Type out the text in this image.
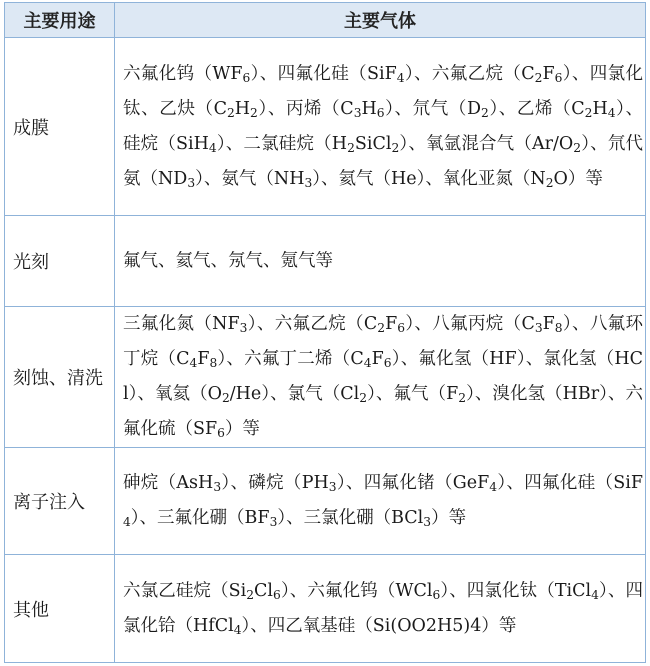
主要用途	主要气体
成膜	六氟化钨$(WF_6)$、四氟化硅（SiF$_4$）、六氟乙烷$(C_2F_6)$、四氯化钛、乙炔$(C_2H_2)$、丙烯$(C_3H_6)$、氘气$(D_2)$、乙烯$(C_2H_4)$、硅烷（SiH$_4$）、二氯硅烷$(H_2SiCl_2)$、氧氩混合气$(Ar/O_2)$、氘代氨$(ND_3)$、氨气$(NH_3)$、氦气（He）、氧化亚氮$(N_2O)$等
光刻	氟气、氦气、氖气、氪气等
刻蚀、清洗	三氟化氮$(NF_3)$、六氟乙烷$(C_2F_6)$、八氟丙烷$(C_3F_8)$、八氟环丁烷$(C_4F_8)$、六氟丁二烯$(C_4F_6)$、氟化氢（HF）、氯化氢（HCl）、氧氦$(O_2/He)$、氯气$(Cl_2)$、氟气$(F_2)$、溴化氢（HBr）、六氟化硫$(SF_6)$等
离子注入	砷烷（AsH$_3$）、磷烷$(PH_3)$、四氟化锗（GeF$_4$）、四氟化硅（SiF$_4$）、三氟化硼$(BF_3)$、三氯化硼（BCl$_3$）等
其他	六氯乙硅烷$(Si_2Cl_6)$、六氟化钨（WCl$_6$）、四氯化钛（TiCl$_4$）、四氯化铪（HfCl$_4$）、四乙氧基硅（Si(OO2H5)4）等
